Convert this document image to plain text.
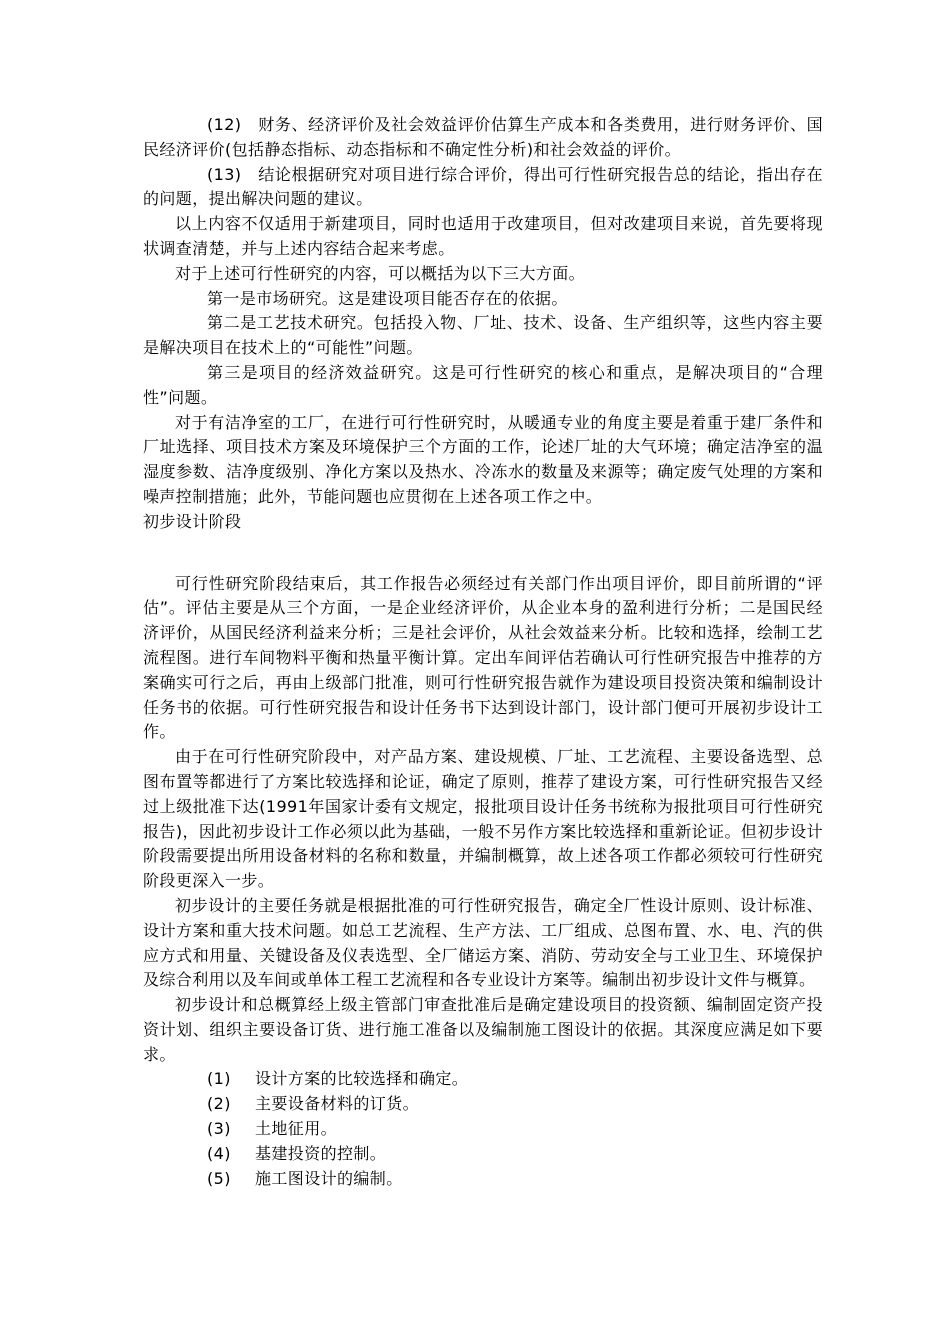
(12)　财务、经济评价及社会效益评价估算生产成本和各类费用，进行财务评价、国民经济评价(包括静态指标、动态指标和不确定性分析)和社会效益的评价。

(13)　结论根据研究对项目进行综合评价，得出可行性研究报告总的结论，指出存在的问题，提出解决问题的建议。

以上内容不仅适用于新建项目，同时也适用于改建项目，但对改建项目来说，首先要将现状调查清楚，并与上述内容结合起来考虑。

对于上述可行性研究的内容，可以概括为以下三大方面。

第一是市场研究。这是建设项目能否存在的依据。

第二是工艺技术研究。包括投入物、厂址、技术、设备、生产组织等，这些内容主要是解决项目在技术上的“可能性”问题。

第三是项目的经济效益研究。这是可行性研究的核心和重点，是解决项目的“合理性”问题。

对于有洁净室的工厂，在进行可行性研究时，从暖通专业的角度主要是着重于建厂条件和厂址选择、项目技术方案及环境保护三个方面的工作，论述厂址的大气环境；确定洁净室的温湿度参数、洁净度级别、净化方案以及热水、冷冻水的数量及来源等；确定废气处理的方案和噪声控制措施；此外，节能问题也应贯彻在上述各项工作之中。

初步设计阶段

可行性研究阶段结束后，其工作报告必须经过有关部门作出项目评价，即目前所谓的“评估”。评估主要是从三个方面，一是企业经济评价，从企业本身的盈利进行分析；二是国民经济评价，从国民经济利益来分析；三是社会评价，从社会效益来分析。比较和选择，绘制工艺流程图。进行车间物料平衡和热量平衡计算。定出车间评估若确认可行性研究报告中推荐的方案确实可行之后，再由上级部门批准，则可行性研究报告就作为建设项目投资决策和编制设计任务书的依据。可行性研究报告和设计任务书下达到设计部门，设计部门便可开展初步设计工作。

由于在可行性研究阶段中，对产品方案、建设规模、厂址、工艺流程、主要设备选型、总图布置等都进行了方案比较选择和论证，确定了原则，推荐了建设方案，可行性研究报告又经过上级批准下达(1991年国家计委有文规定，报批项目设计任务书统称为报批项目可行性研究报告)，因此初步设计工作必须以此为基础，一般不另作方案比较选择和重新论证。但初步设计阶段需要提出所用设备材料的名称和数量，并编制概算，故上述各项工作都必须较可行性研究阶段更深入一步。

初步设计的主要任务就是根据批准的可行性研究报告，确定全厂性设计原则、设计标准、设计方案和重大技术问题。如总工艺流程、生产方法、工厂组成、总图布置、水、电、汽的供应方式和用量、关键设备及仪表选型、全厂储运方案、消防、劳动安全与工业卫生、环境保护及综合利用以及车间或单体工程工艺流程和各专业设计方案等。编制出初步设计文件与概算。

初步设计和总概算经上级主管部门审查批准后是确定建设项目的投资额、编制固定资产投资计划、组织主要设备订货、进行施工准备以及编制施工图设计的依据。其深度应满足如下要求。

(1) 设计方案的比较选择和确定。
(2) 主要设备材料的订货。
(3) 土地征用。
(4) 基建投资的控制。
(5) 施工图设计的编制。
